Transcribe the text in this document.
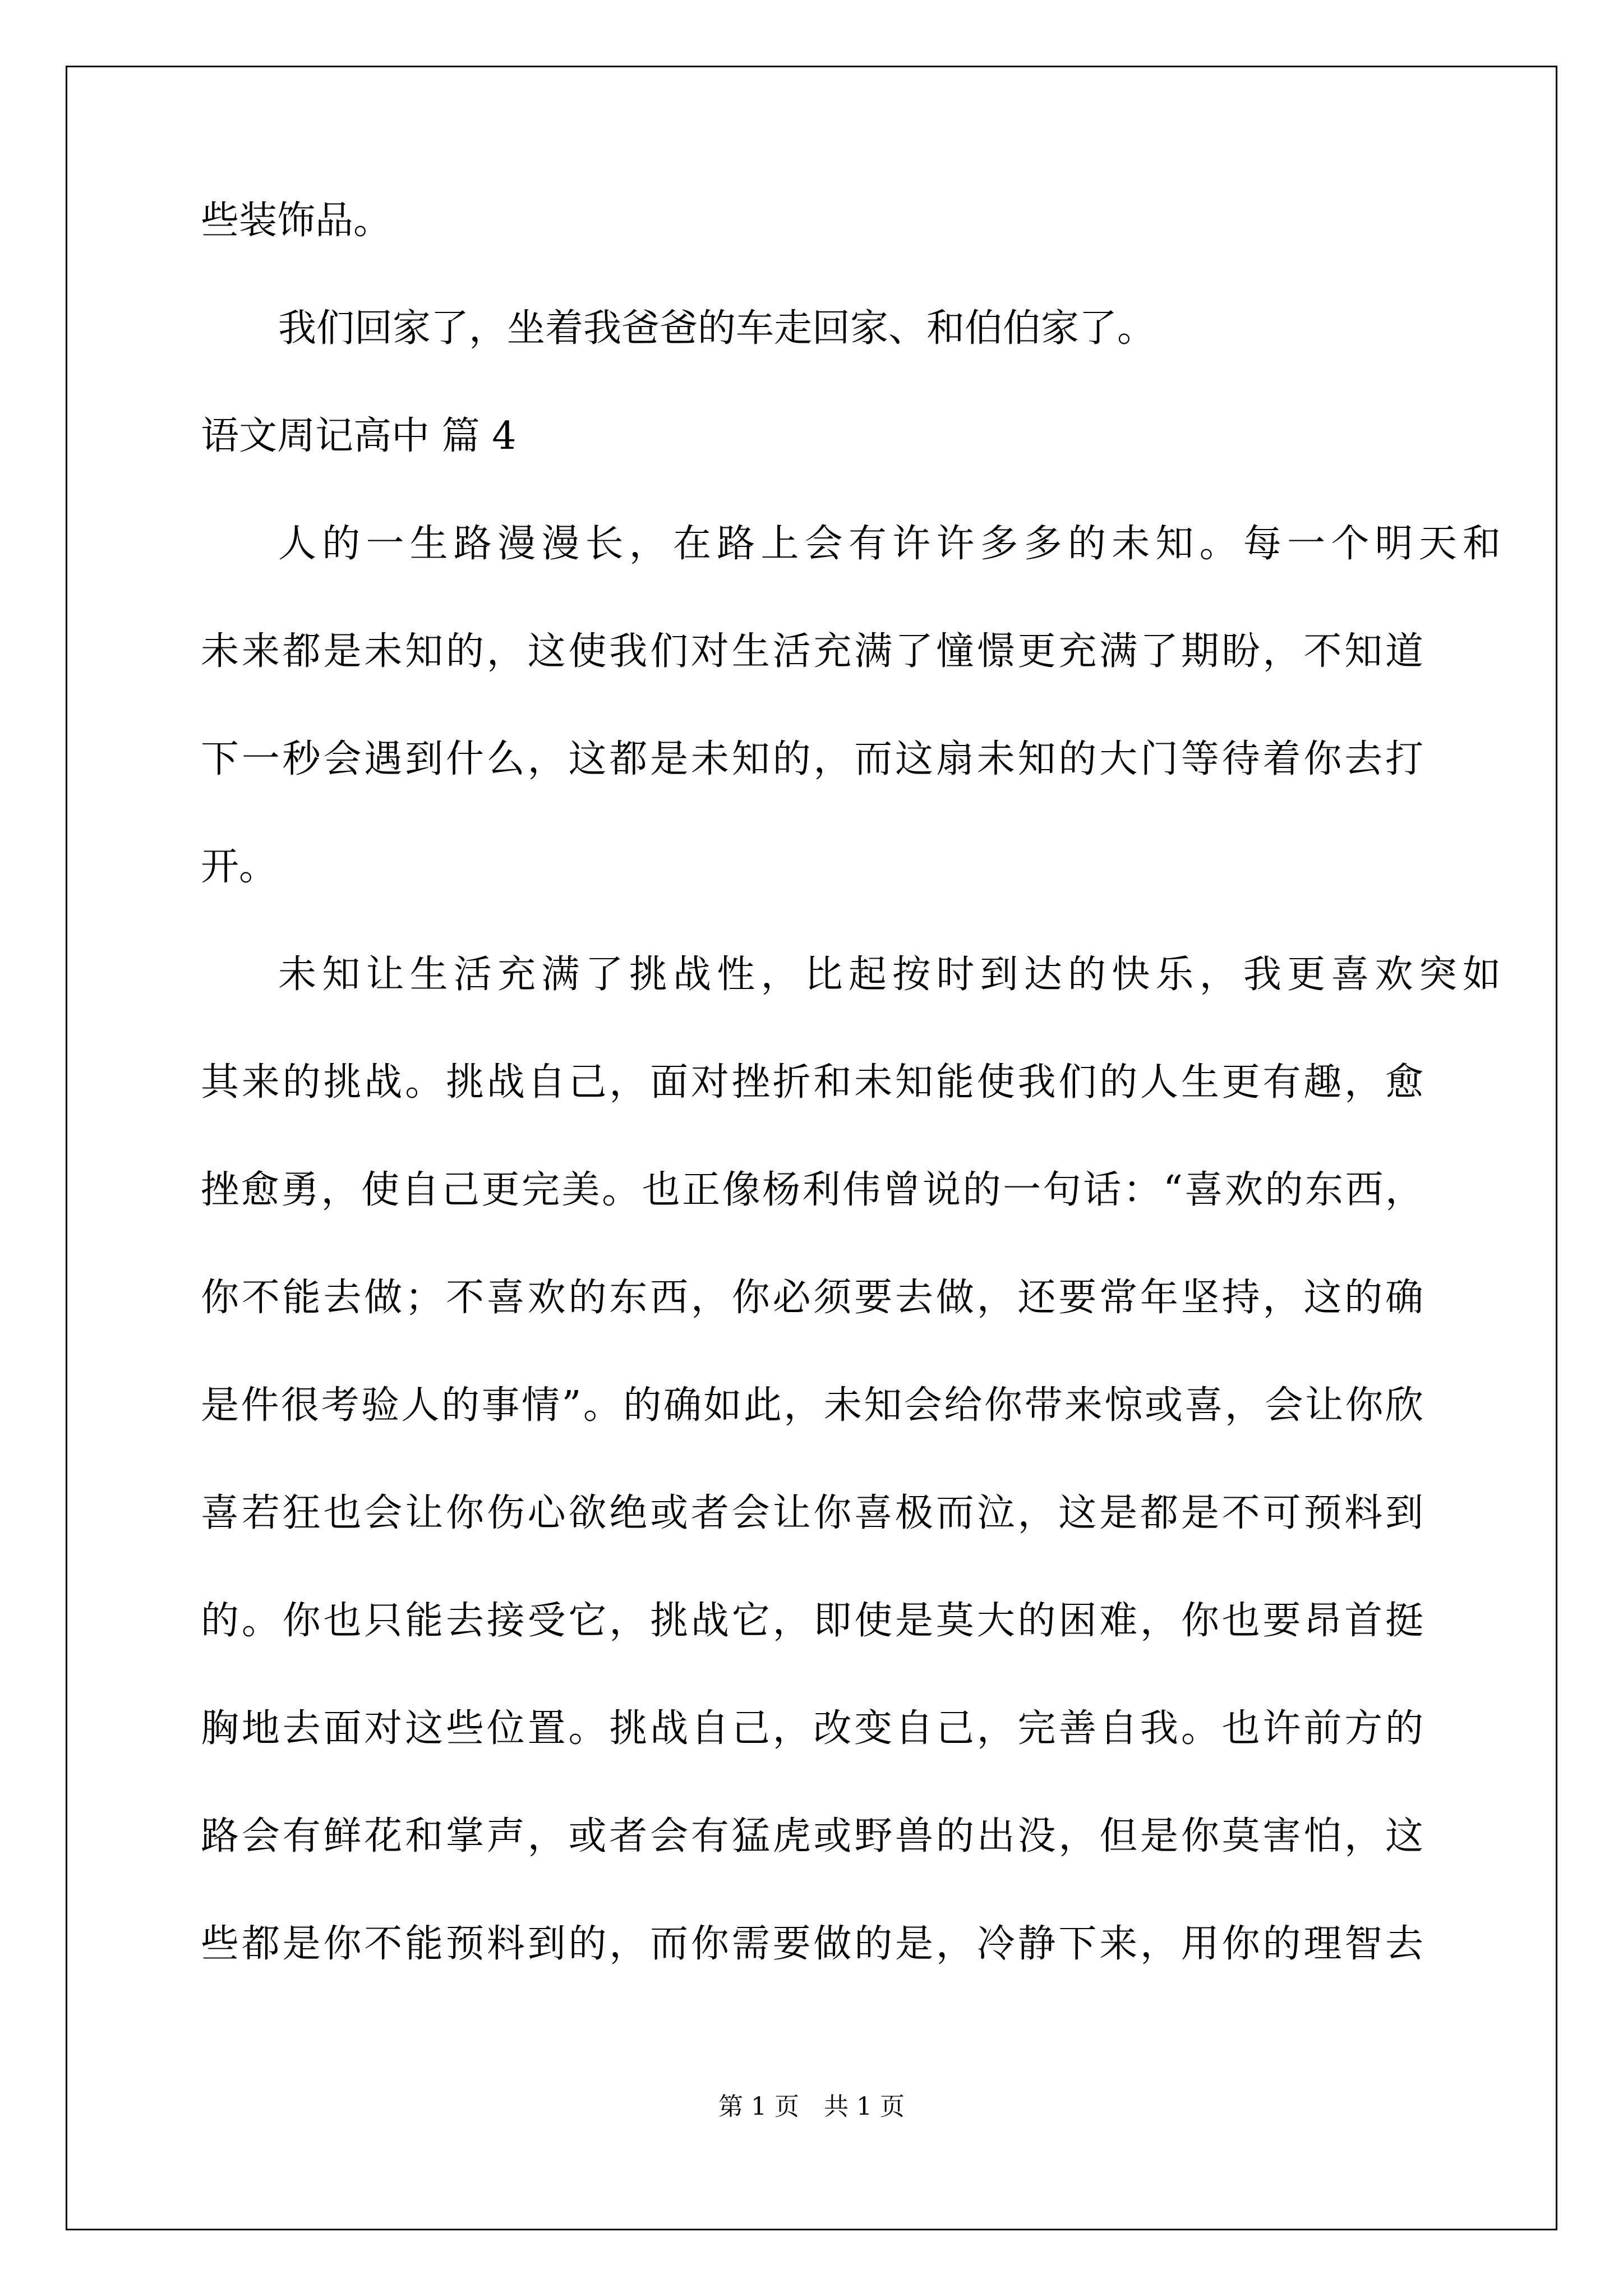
些装饰品。
我们回家了，坐着我爸爸的车走回家、和伯伯家了。
语文周记高中 篇 4
人的一生路漫漫长，在路上会有许许多多的未知。每一个明天和
未来都是未知的，这使我们对生活充满了憧憬更充满了期盼，不知道
下一秒会遇到什么，这都是未知的，而这扇未知的大门等待着你去打
开。
未知让生活充满了挑战性，比起按时到达的快乐，我更喜欢突如
其来的挑战。挑战自己，面对挫折和未知能使我们的人生更有趣，愈
挫愈勇，使自己更完美。也正像杨利伟曾说的一句话：“喜欢的东西，
你不能去做；不喜欢的东西，你必须要去做，还要常年坚持，这的确
是件很考验人的事情”。的确如此，未知会给你带来惊或喜，会让你欣
喜若狂也会让你伤心欲绝或者会让你喜极而泣，这是都是不可预料到
的。你也只能去接受它，挑战它，即使是莫大的困难，你也要昂首挺
胸地去面对这些位置。挑战自己，改变自己，完善自我。也许前方的
路会有鲜花和掌声，或者会有猛虎或野兽的出没，但是你莫害怕，这
些都是你不能预料到的，而你需要做的是，冷静下来，用你的理智去
第 1 页　共 1 页
